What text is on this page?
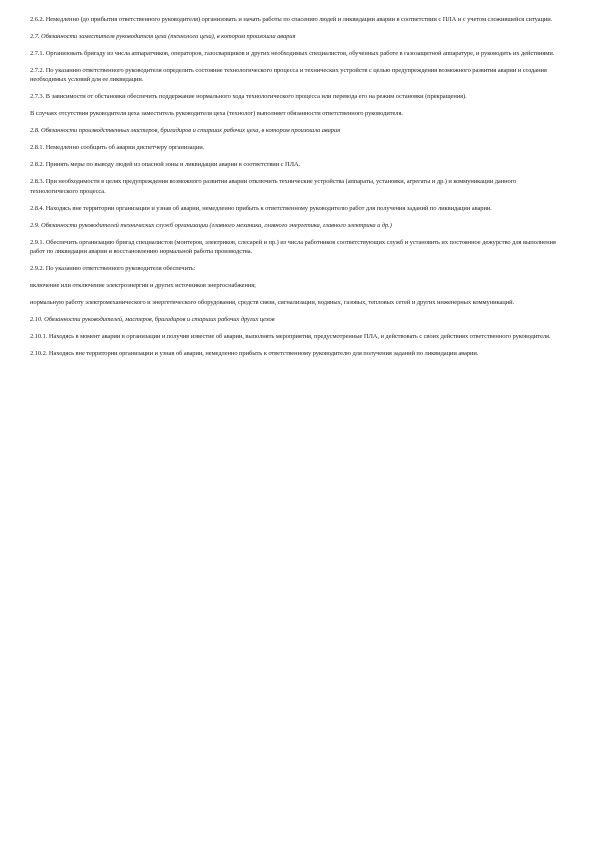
2.6.2. Немедленно (до прибытия ответственного руководителя) организовать и начать работы по спасению людей и ликвидации аварии в соответствии с ПЛА и с учетом сложившейся ситуации.

2.7. Обязанности заместителя руководителя цеха (технолога цеха), в котором произошла авария

2.7.1. Организовать бригаду из числа аппаратчиков, операторов, газосварщиков и других необходимых специалистов, обученных работе в газозащитной аппаратуре, и руководить их действиями.

2.7.2. По указанию ответственного руководителя определить состояние технологического процесса и технических устройств с целью предупреждения возможного развития аварии и создания необходимых условий для ее ликвидации.

2.7.3. В зависимости от обстановки обеспечить поддержание нормального хода технологического процесса или перевода его на режим остановки (прекращения).

В случаях отсутствия руководителя цеха заместитель руководителя цеха (технолог) выполняет обязанности ответственного руководителя.

2.8. Обязанности производственных мастеров, бригадиров и старших рабочих цеха, в котором произошла авария

2.8.1. Немедленно сообщить об аварии диспетчеру организации.

2.8.2. Принять меры по выводу людей из опасной зоны и ликвидации аварии в соответствии с ПЛА.

2.8.3. При необходимости в целях предупреждения возможного развития аварии отключить технические устройства (аппараты, установки, агрегаты и др.) и коммуникации данного технологического процесса.

2.8.4. Находясь вне территории организации и узнав об аварии, немедленно прибыть к ответственному руководителю работ для получения заданий по ликвидации аварии.

2.9. Обязанности руководителей технических служб организации (главного механика, главного энергетика, главного электрика и др.)

2.9.1. Обеспечить организацию бригад специалистов (монтеров, электриков, слесарей и пр.) из числа работников соответствующих служб и установить их постоянное дежурство для выполнения работ по ликвидации аварии и восстановлению нормальной работы производства.

2.9.2. По указанию ответственного руководителя обеспечить:

включение или отключение электроэнергии и других источников энергоснабжения;

нормальную работу электромеханического и энергетического оборудования, средств связи, сигнализации, водяных, газовых, тепловых сетей и других инженерных коммуникаций.

2.10. Обязанности руководителей, мастеров, бригадиров и старших рабочих других цехов

2.10.1. Находясь в момент аварии в организации и получив известие об аварии, выполнять мероприятия, предусмотренные ПЛА, и действовать с своих действиях ответственного руководителя.

2.10.2. Находясь вне территории организации и узнав об аварии, немедленно прибыть к ответственному руководителю для получения заданий по ликвидации аварии.
